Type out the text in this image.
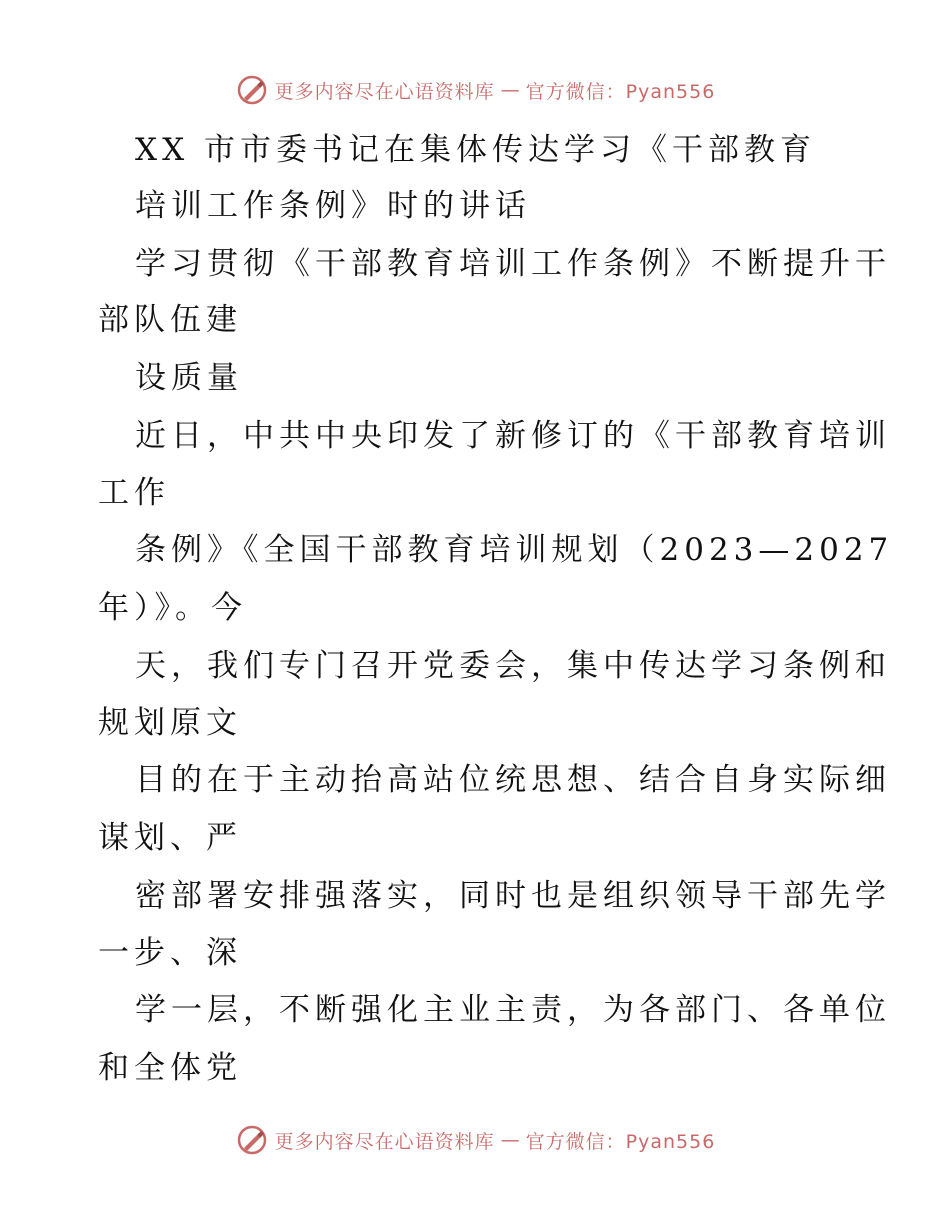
更多内容尽在心语资料库 — 官方微信：Pyan556
XX 市市委书记在集体传达学习《干部教育
培训工作条例》时的讲话
学习贯彻《干部教育培训工作条例》不断提升干
部队伍建
设质量
近日，中共中央印发了新修订的《干部教育培训
工作
条例》《全国干部教育培训规划（2023—2027
年）》。今
天，我们专门召开党委会，集中传达学习条例和
规划原文
目的在于主动抬高站位统思想、结合自身实际细
谋划、严
密部署安排强落实，同时也是组织领导干部先学
一步、深
学一层，不断强化主业主责，为各部门、各单位
和全体党
更多内容尽在心语资料库 — 官方微信：Pyan556
